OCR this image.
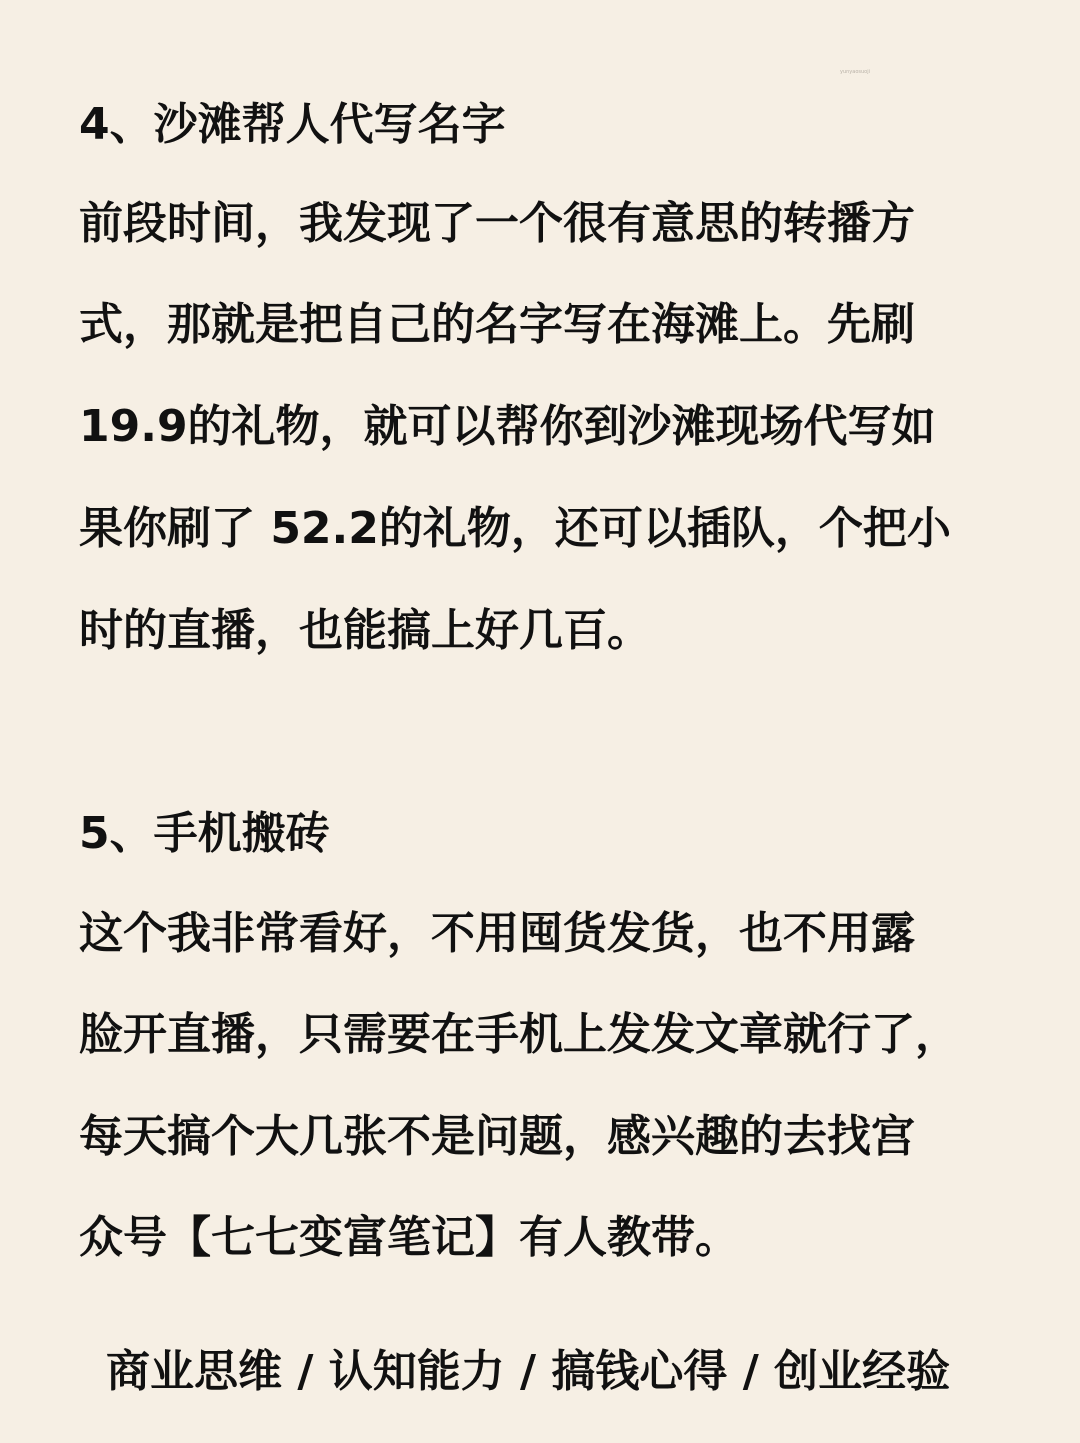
yunyaosuoji
4、沙滩帮人代写名字
前段时间，我发现了一个很有意思的转播方
式，那就是把自己的名字写在海滩上。先刷
19.9的礼物，就可以帮你到沙滩现场代写如
果你刷了 52.2的礼物，还可以插队，个把小
时的直播，也能搞上好几百。
5、手机搬砖
这个我非常看好，不用囤货发货，也不用露
脸开直播，只需要在手机上发发文章就行了，
每天搞个大几张不是问题，感兴趣的去找宫
众号【七七变富笔记】有人教带。
商业思维 / 认知能力 / 搞钱心得 / 创业经验
